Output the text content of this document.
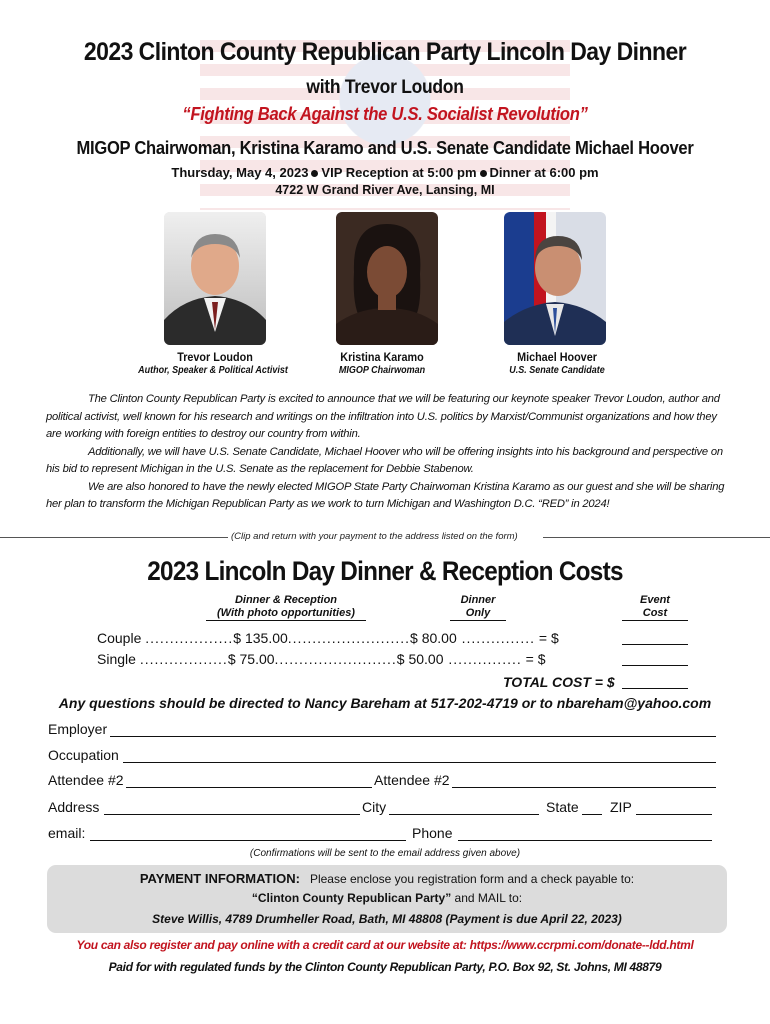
2023 Clinton County Republican Party Lincoln Day Dinner
with Trevor Loudon
“Fighting Back Against the U.S. Socialist Revolution”
MIGOP Chairwoman, Kristina Karamo and U.S. Senate Candidate Michael Hoover
Thursday, May 4, 2023 VIP Reception at 5:00 pm Dinner at 6:00 pm
4722 W Grand River Ave, Lansing, MI
Trevor Loudon
Author, Speaker & Political Activist
Kristina Karamo
MIGOP Chairwoman
Michael Hoover
U.S. Senate Candidate

The Clinton County Republican Party is excited to announce that we will be featuring our keynote speaker Trevor Loudon, author and political activist, well known for his research and writings on the infiltration into U.S. politics by Marxist/Communist organizations and how they are working with foreign entities to destroy our country from within.

Additionally, we will have U.S. Senate Candidate, Michael Hoover who will be offering insights into his background and perspective on his bid to represent Michigan in the U.S. Senate as the replacement for Debbie Stabenow.

We are also honored to have the newly elected MIGOP State Party Chairwoman Kristina Karamo as our guest and she will be sharing her plan to transform the Michigan Republican Party as we work to turn Michigan and Washington D.C. “RED” in 2024!

(Clip and return with your payment to the address listed on the form)
2023 Lincoln Day Dinner & Reception Costs
Dinner & Reception
(With photo opportunities)
Dinner
Only
Event
Cost
Couple ..................$ 135.00.........................$ 80.00 ............... = $
Single ..................$ 75.00.........................$ 50.00 ............... = $
TOTAL COST = $
Any questions should be directed to Nancy Bareham at 517-202-4719 or to nbareham@yahoo.com
Employer
Occupation
Attendee #2	Attendee #2
Address	City	State ZIP
email:	Phone
(Confirmations will be sent to the email address given above)
PAYMENT INFORMATION: Please enclose you registration form and a check payable to:
“Clinton County Republican Party” and MAIL to:
Steve Willis, 4789 Drumheller Road, Bath, MI 48808 (Payment is due April 22, 2023)
You can also register and pay online with a credit card at our website at: https://www.ccrpmi.com/donate--ldd.html
Paid for with regulated funds by the Clinton County Republican Party, P.O. Box 92, St. Johns, MI 48879
